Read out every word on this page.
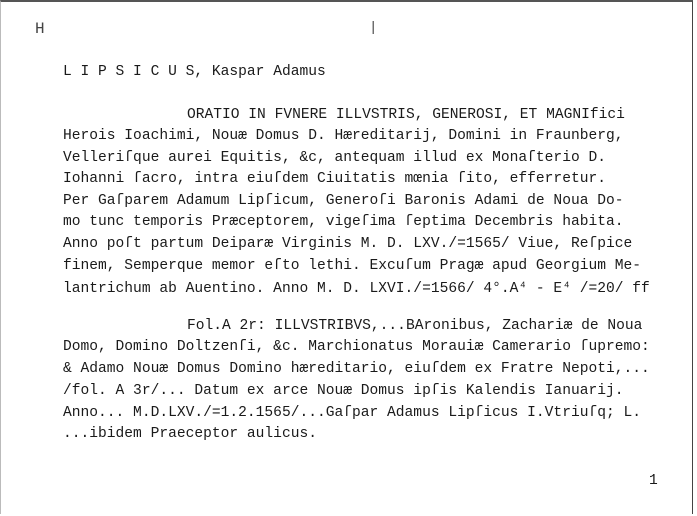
H	|
L I P S I C U S, Kaspar Adamus
ORATIO IN FVNERE ILLVSTRIS, GENEROSI, ET MAGNIfici
Herois Ioachimi, Nouæ Domus D. Hæreditarij, Domini in Fraunberg,
Velleriſque aurei Equitis, &c, antequam illud ex Monaſterio D.
Iohanni ſacro, intra eiuſdem Ciuitatis mœnia ſito, efferretur.
Per Gaſparem Adamum Lipſicum, Generoſi Baronis Adami de Noua Do-
mo tunc temporis Præceptorem, vigeſima ſeptima Decembris habita.
Anno poſt partum Deiparæ Virginis M. D. LXV./=1565/ Viue, Reſpice
finem, Semperque memor eſto lethi. Excuſum Pragæ apud Georgium Me-
lantrichum ab Auentino. Anno M. D. LXVI./=1566/ 4°.A⁴ - E⁴ /=20/ ff
Fol.A 2r: ILLVSTRIBVS,...BAronibus, Zachariæ de Noua
Domo, Domino Doltzenſi, &c. Marchionatus Morauiæ Camerario ſupremo:
& Adamo Nouæ Domus Domino hæreditario, eiuſdem ex Fratre Nepoti,...
/fol. A 3r/... Datum ex arce Nouæ Domus ipſis Kalendis Ianuarij.
Anno... M.D.LXV./=1.2.1565/...Gaſpar Adamus Lipſicus I.Vtriuſq; L.
...ibidem Praeceptor aulicus.
1
